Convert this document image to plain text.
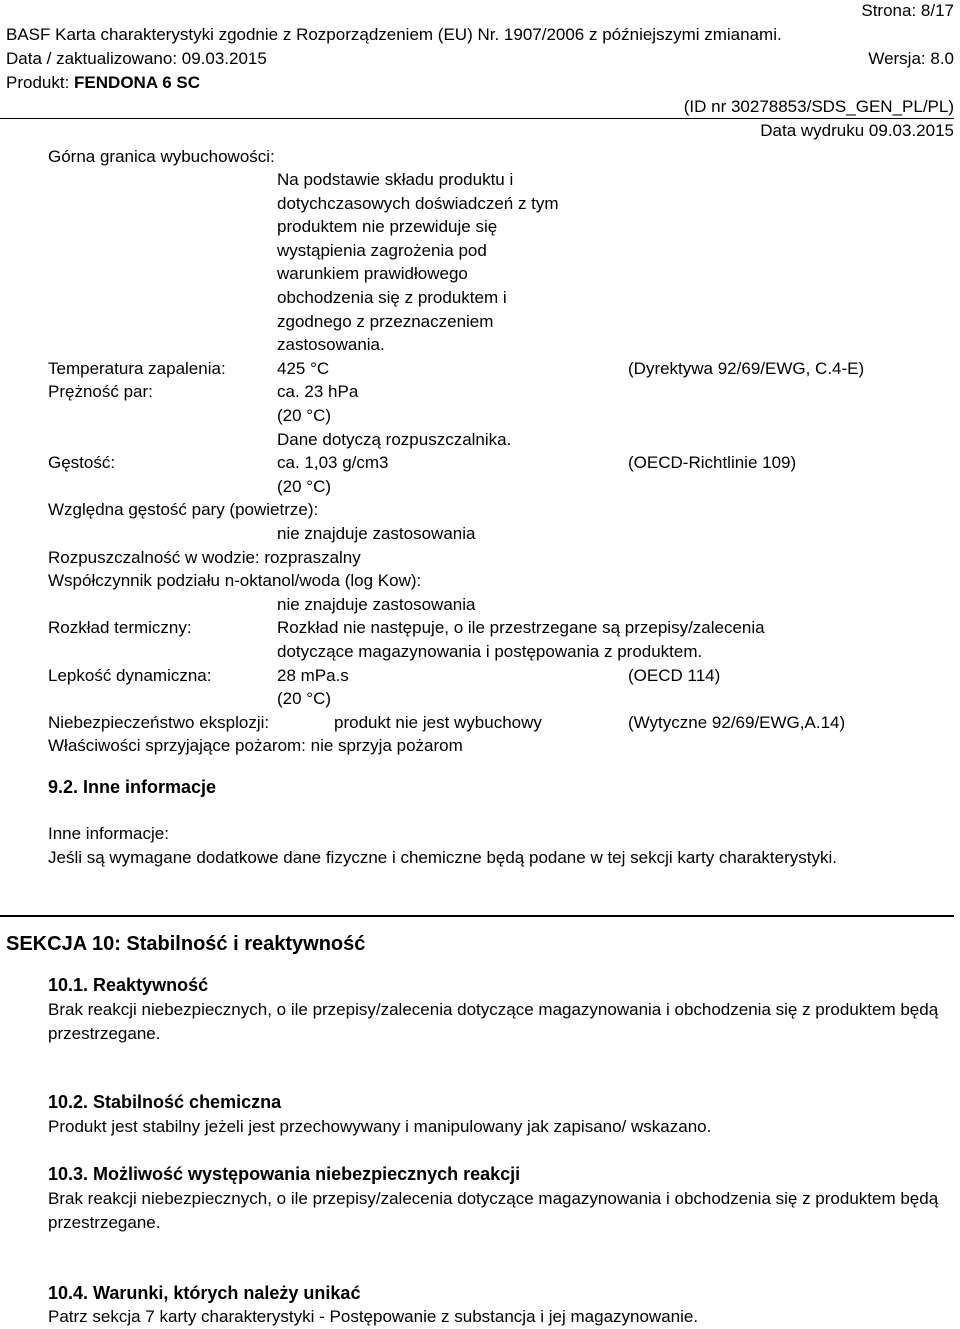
Strona: 8/17
BASF Karta charakterystyki zgodnie z Rozporządzeniem (EU) Nr. 1907/2006 z późniejszymi zmianami.
Data / zaktualizowano: 09.03.2015	Wersja: 8.0
Produkt: FENDONA 6 SC
(ID nr 30278853/SDS_GEN_PL/PL)
Data wydruku 09.03.2015
Górna granica wybuchowości:
Na podstawie składu produktu i
dotychczasowych doświadczeń z tym
produktem nie przewiduje się
wystąpienia zagrożenia pod
warunkiem prawidłowego
obchodzenia się z produktem i
zgodnego z przeznaczeniem
zastosowania.
Temperatura zapalenia:	425 °C	(Dyrektywa 92/69/EWG, C.4-E)
Prężność par:	ca. 23 hPa
(20 °C)
Dane dotyczą rozpuszczalnika.
Gęstość:	ca. 1,03 g/cm3	(OECD-Richtlinie 109)
(20 °C)
Względna gęstość pary (powietrze):
nie znajduje zastosowania
Rozpuszczalność w wodzie: rozpraszalny
Współczynnik podziału n-oktanol/woda (log Kow):
nie znajduje zastosowania
Rozkład termiczny:	Rozkład nie następuje, o ile przestrzegane są przepisy/zalecenia
dotyczące magazynowania i postępowania z produktem.
Lepkość dynamiczna:	28 mPa.s	(OECD 114)
(20 °C)
Niebezpieczeństwo eksplozji:	produkt nie jest wybuchowy	(Wytyczne 92/69/EWG,A.14)
Właściwości sprzyjające pożarom: nie sprzyja pożarom
9.2. Inne informacje
Inne informacje:
Jeśli są wymagane dodatkowe dane fizyczne i chemiczne będą podane w tej sekcji karty charakterystyki.
SEKCJA 10: Stabilność i reaktywność
10.1. Reaktywność
Brak reakcji niebezpiecznych, o ile przepisy/zalecenia dotyczące magazynowania i obchodzenia się z produktem będą przestrzegane.
10.2. Stabilność chemiczna
Produkt jest stabilny jeżeli jest przechowywany i manipulowany jak zapisano/ wskazano.
10.3. Możliwość występowania niebezpiecznych reakcji
Brak reakcji niebezpiecznych, o ile przepisy/zalecenia dotyczące magazynowania i obchodzenia się z produktem będą przestrzegane.
10.4. Warunki, których należy unikać
Patrz sekcja 7 karty charakterystyki - Postępowanie z substancja i jej magazynowanie.
